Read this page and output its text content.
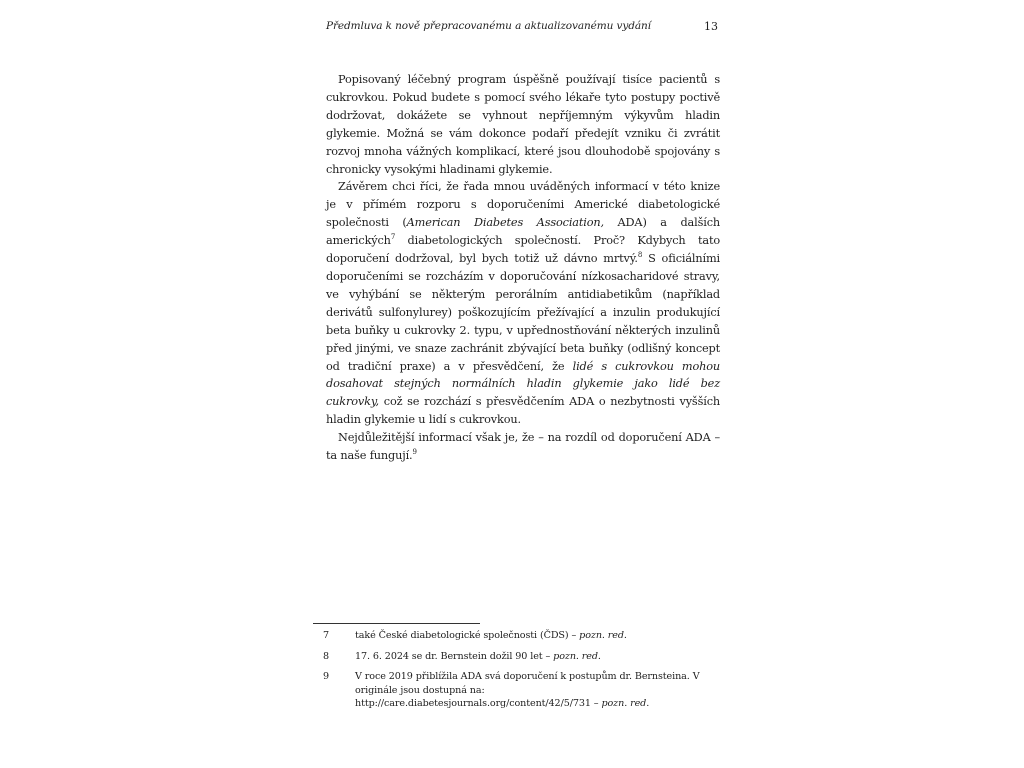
Předmluva k nově přepracovanému a aktualizovanému vydání	13

Popisovaný léčebný program úspěšně používají tisíce pacientů s cukrovkou. Pokud budete s pomocí svého lékaře tyto postupy poctivě dodržovat, dokážete se vyhnout nepříjemným výkyvům hladin glykemie. Možná se vám dokonce podaří předejít vzniku či zvrátit rozvoj mnoha vážných komplikací, které jsou dlouhodobě spojovány s chronicky vysokými hladinami glykemie.

Závěrem chci říci, že řada mnou uváděných informací v této knize je v přímém rozporu s doporučeními Americké diabetologické společnosti (American Diabetes Association, ADA) a dalších amerických$^7$ diabetologických společností. Proč? Kdybych tato doporučení dodržoval, byl bych totiž už dávno mrtvý.$^8$ S oficiálními doporučeními se rozcházím v doporučování nízkosacharidové stravy, ve vyhýbání se některým perorálním antidiabetikům (například derivátů sulfonylurey) poškozujícím přežívající a inzulin produkující beta buňky u cukrovky 2. typu, v upřednostňování některých inzulinů před jinými, ve snaze zachránit zbývající beta buňky (odlišný koncept od tradiční praxe) a v přesvědčení, že lidé s cukrovkou mohou dosahovat stejných normálních hladin glykemie jako lidé bez cukrovky, což se rozchází s přesvědčením ADA o nezbytnosti vyšších hladin glykemie u lidí s cukrovkou.

Nejdůležitější informací však je, že – na rozdíl od doporučení ADA – ta naše fungují.$^9$

7	také České diabetologické společnosti (ČDS) – pozn. red.
8	17. 6. 2024 se dr. Bernstein dožil 90 let – pozn. red.
9	V roce 2019 přiblížila ADA svá doporučení k postupům dr. Bernsteina. V originále jsou dostupná na: http://care.diabetesjournals.org/content/42/5/731 – pozn. red.
